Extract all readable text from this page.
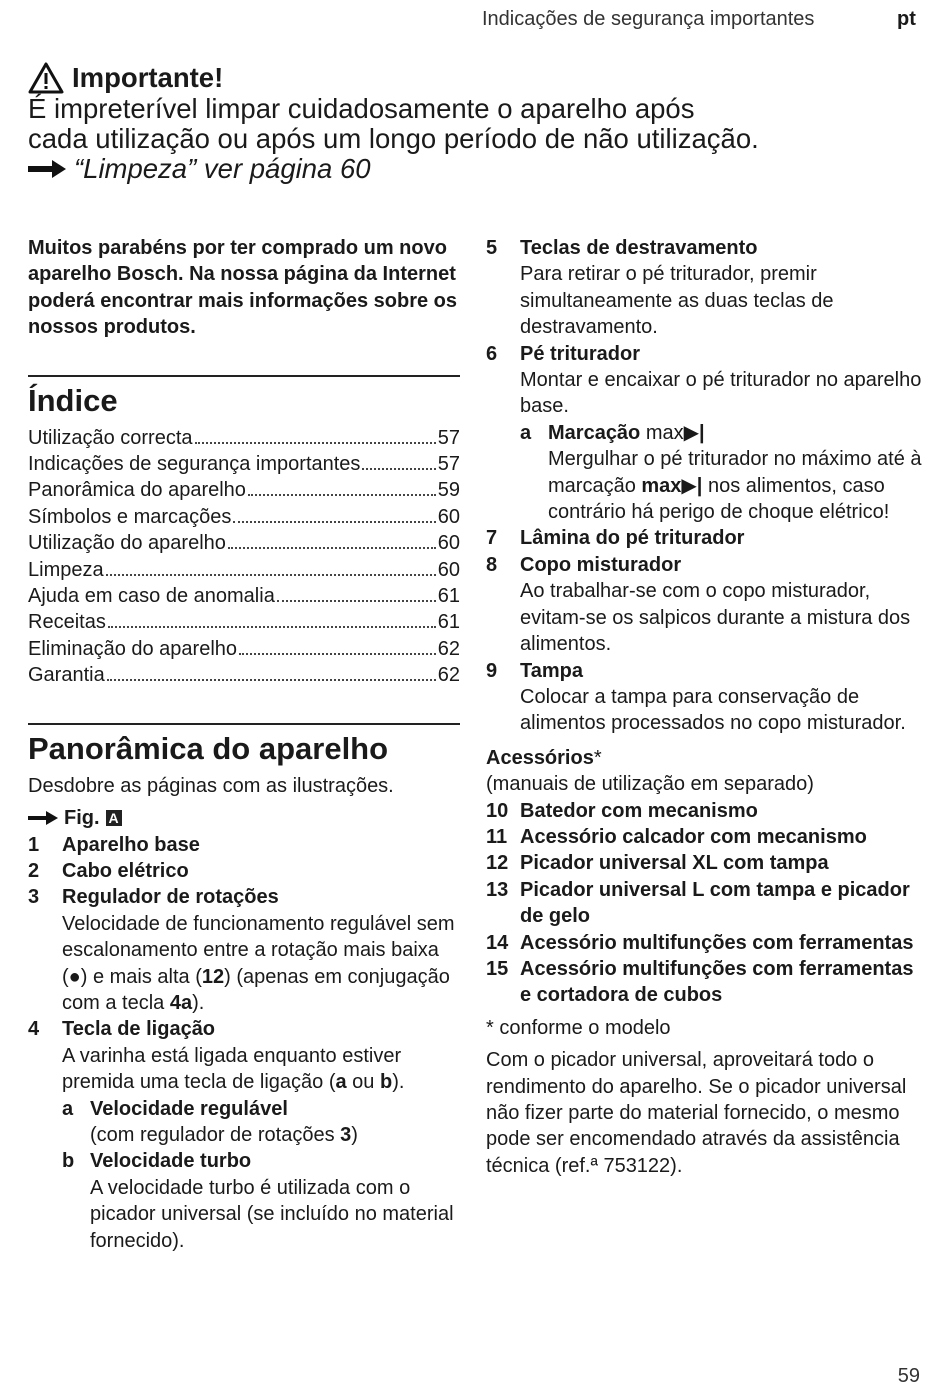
Indicações de segurança importantes	pt
Importante!
É impreterível limpar cuidadosamente o aparelho após
cada utilização ou após um longo período de não utilização.
“Limpeza” ver página 60
Muitos parabéns por ter comprado um novo aparelho Bosch. Na nossa página da Internet poderá encontrar mais informações sobre os nossos produtos.
Índice
Utilização correcta	57
Indicações de segurança importantes	57
Panorâmica do aparelho	59
Símbolos e marcações	60
Utilização do aparelho	60
Limpeza	60
Ajuda em caso de anomalia	61
Receitas	61
Eliminação do aparelho	62
Garantia	62
Panorâmica do aparelho
Desdobre as páginas com as ilustrações.
Fig. A
1	Aparelho base
2	Cabo elétrico
3	Regulador de rotações
Velocidade de funcionamento regulável sem escalonamento entre a rotação mais baixa (●) e mais alta (12) (apenas em conjugação com a tecla 4a).
4	Tecla de ligação
A varinha está ligada enquanto estiver premida uma tecla de ligação (a ou b).
a Velocidade regulável
(com regulador de rotações 3)
b Velocidade turbo
A velocidade turbo é utilizada com o picador universal (se incluído no material fornecido).
5	Teclas de destravamento
Para retirar o pé triturador, premir simultaneamente as duas teclas de destravamento.
6	Pé triturador
Montar e encaixar o pé triturador no aparelho base.
a Marcação max▶|
Mergulhar o pé triturador no máximo até à marcação max▶| nos alimentos, caso contrário há perigo de choque elétrico!
7	Lâmina do pé triturador
8	Copo misturador
Ao trabalhar-se com o copo misturador, evitam-se os salpicos durante a mistura dos alimentos.
9	Tampa
Colocar a tampa para conservação de alimentos processados no copo misturador.
Acessórios*
(manuais de utilização em separado)
10 Batedor com mecanismo
11 Acessório calcador com mecanismo
12 Picador universal XL com tampa
13 Picador universal L com tampa e picador de gelo
14 Acessório multifunções com ferramentas
15 Acessório multifunções com ferramentas e cortadora de cubos
* conforme o modelo
Com o picador universal, aproveitará todo o rendimento do aparelho. Se o picador universal não fizer parte do material fornecido, o mesmo pode ser encomendado através da assistência técnica (ref.ª 753122).
59
